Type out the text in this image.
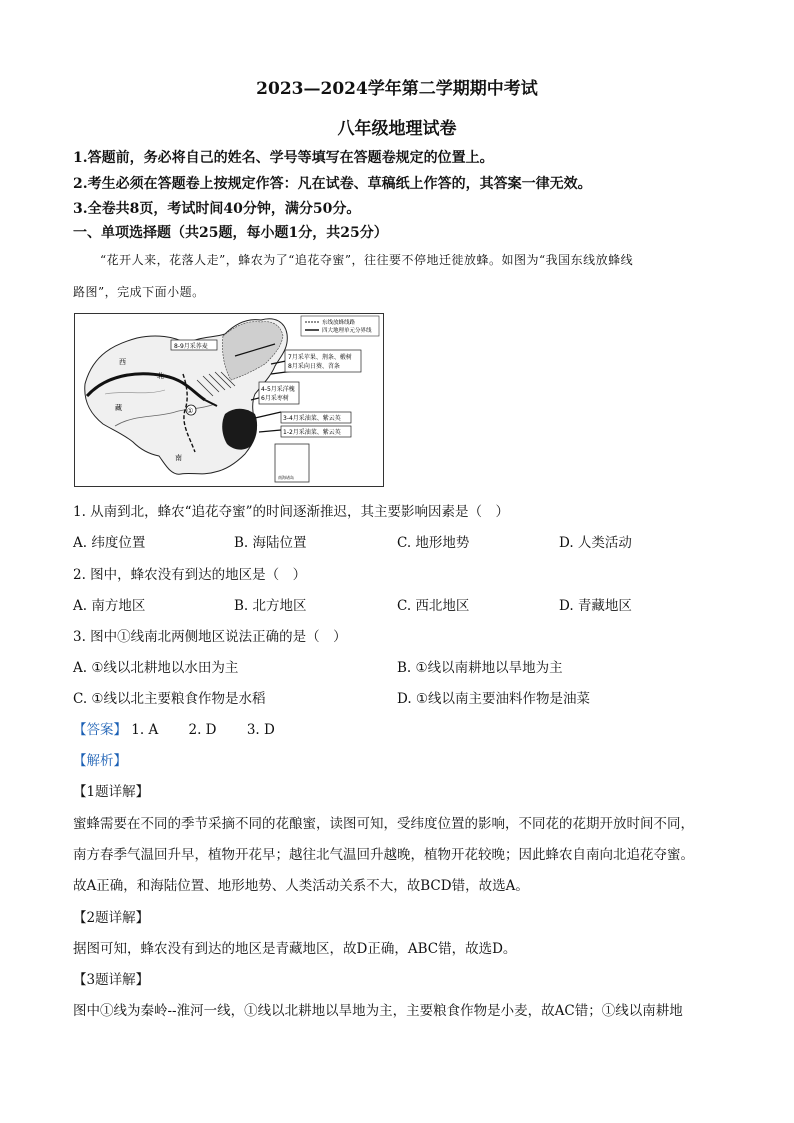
2023—2024学年第二学期期中考试
八年级地理试卷
1.答题前，务必将自己的姓名、学号等填写在答题卷规定的位置上。
2.考生必须在答题卷上按规定作答：凡在试卷、草稿纸上作答的，其答案一律无效。
3.全卷共8页，考试时间40分钟，满分50分。
一、单项选择题（共25题，每小题1分，共25分）
“花开人来，花落人走”，蜂农为了“追花夺蜜”，往往要不停地迁徙放蜂。如图为“我国东线放蜂线
路图”，完成下面小题。
东线放蜂线路
四大地理单元分界线
8-9月采荞麦
7月采苹果、荆条、椴树
8月采向日葵、苕条
4-5月采洋槐
6月采枣树
3-4月采油菜、紫云英
1-2月采油菜、紫云英
西
北
藏
南
①
南海诸岛
1. 从南到北，蜂农“追花夺蜜”的时间逐渐推迟，其主要影响因素是（　）
A. 纬度位置	B. 海陆位置	C. 地形地势	D. 人类活动
2. 图中，蜂农没有到达的地区是（　）
A. 南方地区	B. 北方地区	C. 西北地区	D. 青藏地区
3. 图中①线南北两侧地区说法正确的是（　）
A. ①线以北耕地以水田为主	B. ①线以南耕地以旱地为主
C. ①线以北主要粮食作物是水稻	D. ①线以南主要油料作物是油菜
【答案】 1. A 2. D 3. D
【解析】
【1题详解】
蜜蜂需要在不同的季节采摘不同的花酿蜜，读图可知，受纬度位置的影响，不同花的花期开放时间不同，
南方春季气温回升早，植物开花早；越往北气温回升越晚，植物开花较晚；因此蜂农自南向北追花夺蜜。
故A正确，和海陆位置、地形地势、人类活动关系不大，故BCD错，故选A。
【2题详解】
据图可知，蜂农没有到达的地区是青藏地区，故D正确，ABC错，故选D。
【3题详解】
图中①线为秦岭--淮河一线，①线以北耕地以旱地为主，主要粮食作物是小麦，故AC错；①线以南耕地
